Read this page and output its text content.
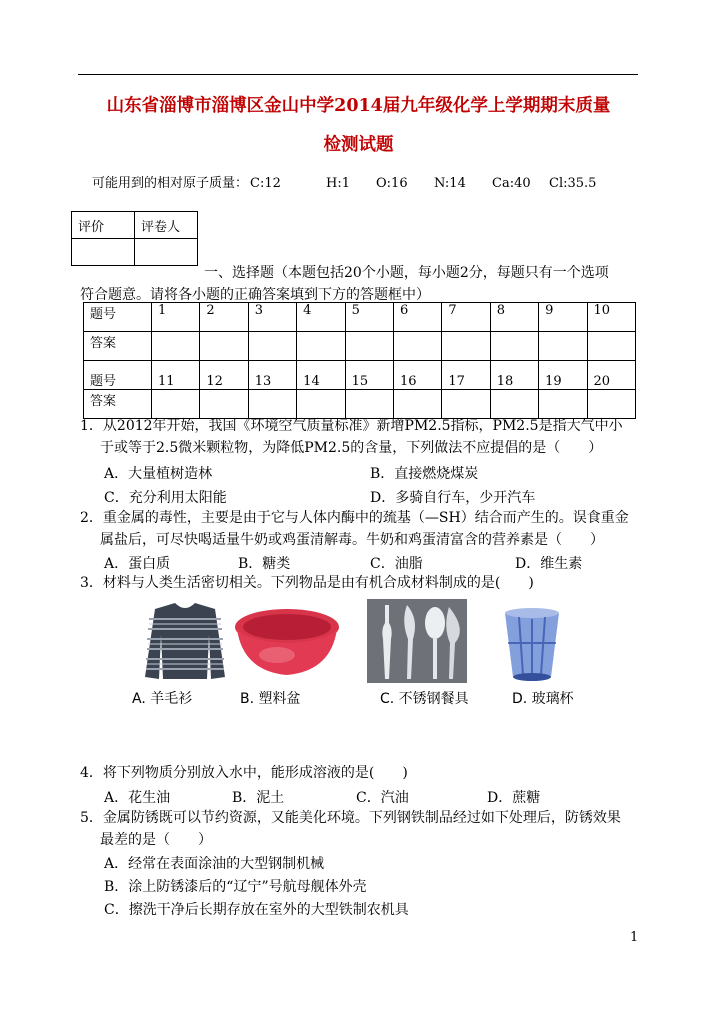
山东省淄博市淄博区金山中学2014届九年级化学上学期期末质量
检测试题
可能用到的相对原子质量： C:12	H:1 O:16 N:14 Ca:40 Cl:35.5
评价	评卷人

一、选择题（本题包括20个小题，每小题2分，每题只有一个选项
符合题意。请将各小题的正确答案填到下方的答题框中）
题号	1	2	3	4	5	6	7	8	9	10
答案										
题号	11	12	13	14	15	16	17	18	19	20
答案										
1．从2012年开始，我国《环境空气质量标准》新增PM2.5指标，PM2.5是指大气中小
于或等于2.5微米颗粒物，为降低PM2.5的含量，下列做法不应提倡的是（　　）
A．大量植树造林	B．直接燃烧煤炭
C．充分利用太阳能	D．多骑自行车，少开汽车
2．重金属的毒性，主要是由于它与人体内酶中的巯基（—SH）结合而产生的。误食重金
属盐后，可尽快喝适量牛奶或鸡蛋清解毒。牛奶和鸡蛋清富含的营养素是（　　）
A．蛋白质	B．糖类	C．油脂	D．维生素
3．材料与人类生活密切相关。下列物品是由有机合成材料制成的是(　　)
A. 羊毛衫	B. 塑料盆	C. 不锈钢餐具	D. 玻璃杯
4．将下列物质分别放入水中，能形成溶液的是(　　)
A．花生油	B．泥土	C．汽油	D．蔗糖
5．金属防锈既可以节约资源，又能美化环境。下列钢铁制品经过如下处理后，防锈效果
最差的是（　　）
A．经常在表面涂油的大型钢制机械
B．涂上防锈漆后的“辽宁”号航母舰体外壳
C．擦洗干净后长期存放在室外的大型铁制农机具
1
